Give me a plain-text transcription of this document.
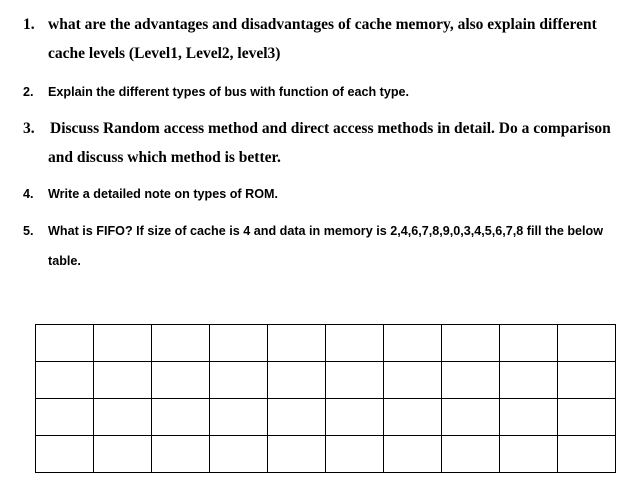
1. what are the advantages and disadvantages of cache memory, also explain different
cache levels (Level1, Level2, level3)
2. Explain the different types of bus with function of each type.
3. Discuss Random access method and direct access methods in detail. Do a comparison
and discuss which method is better.
4. Write a detailed note on types of ROM.
5. What is FIFO? If size of cache is 4 and data in memory is 2,4,6,7,8,9,0,3,4,5,6,7,8 fill the below
table.
